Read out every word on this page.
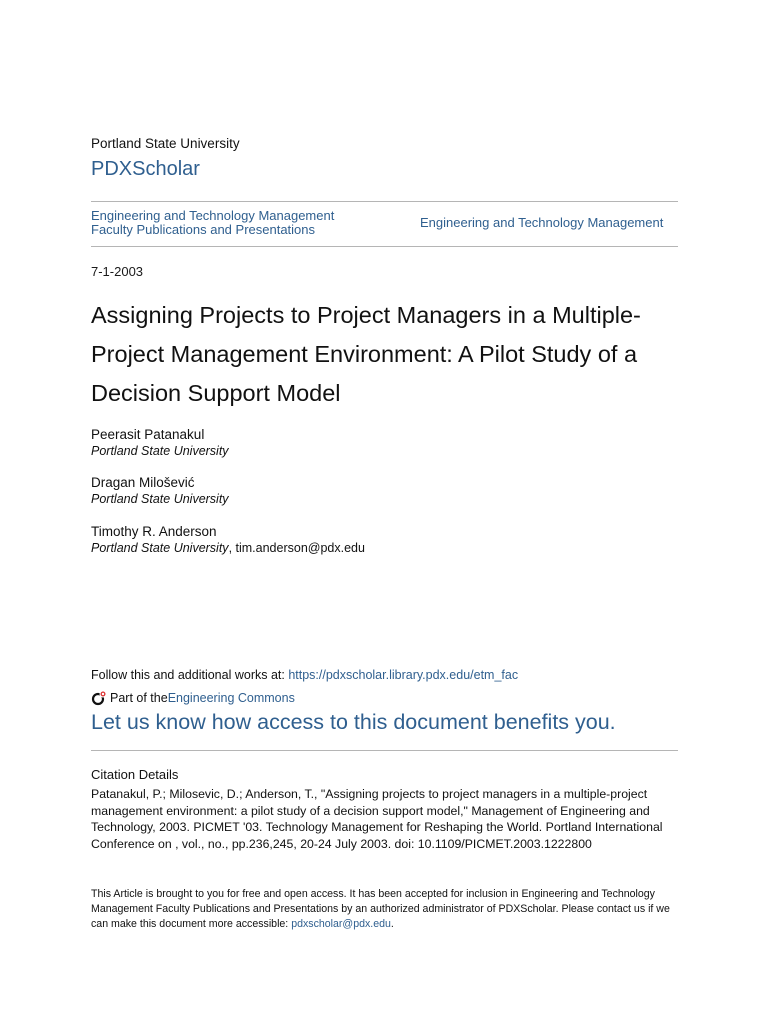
Portland State University
PDXScholar
Engineering and Technology Management
Faculty Publications and Presentations	Engineering and Technology Management
7-1-2003
Assigning Projects to Project Managers in a Multiple-Project Management Environment: A Pilot Study of a Decision Support Model
Peerasit Patanakul
Portland State University
Dragan Milošević
Portland State University
Timothy R. Anderson
Portland State University, tim.anderson@pdx.edu
Follow this and additional works at: https://pdxscholar.library.pdx.edu/etm_fac
Part of the Engineering Commons
Let us know how access to this document benefits you.
Citation Details
Patanakul, P.; Milosevic, D.; Anderson, T., "Assigning projects to project managers in a multiple-project management environment: a pilot study of a decision support model," Management of Engineering and Technology, 2003. PICMET '03. Technology Management for Reshaping the World. Portland International Conference on , vol., no., pp.236,245, 20-24 July 2003. doi: 10.1109/PICMET.2003.1222800
This Article is brought to you for free and open access. It has been accepted for inclusion in Engineering and Technology Management Faculty Publications and Presentations by an authorized administrator of PDXScholar. Please contact us if we can make this document more accessible: pdxscholar@pdx.edu.
